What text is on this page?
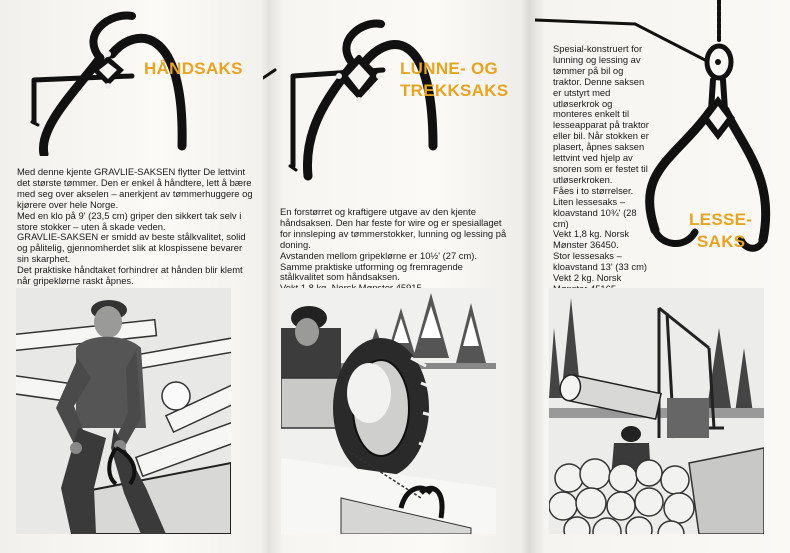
HÅNDSAKS

Med denne kjente GRAVLIE-SAKSEN flytter De lettvint det største tømmer. Den er enkel å håndtere, lett å bære med seg over akselen – anerkjent av tømmerhuggere og kjørere over hele Norge.

Med en klo på 9' (23,5 cm) griper den sikkert tak selv i store stokker – uten å skade veden.

GRAVLIE-SAKSEN er smidd av beste stålkvalitet, solid og pålitelig, gjennomherdet slik at klospissene bevarer sin skarphet.

Det praktiske håndtaket forhindrer at hånden blir klemt når gripeklørne raskt åpnes.

LUNNE- OG
TREKKSAKS

En forstørret og kraftigere utgave av den kjente håndsaksen. Den har feste for wire og er spesiallaget for innsleping av tømmerstokker, lunning og lessing på doning.

Avstanden mellom gripeklørne er 10½' (27 cm).

Samme praktiske utforming og fremragende stålkvalitet som håndsaksen.

LESSE-
SAKS

Spesial-konstruert for lunning og lessing av tømmer på bil og traktor. Denne saksen er utstyrt med utløserkrok og monteres enkelt til lesseapparat på traktor eller bil. Når stokken er plasert, åpnes saksen lettvint ved hjelp av snoren som er festet til utløserkroken.

Fåes i to størrelser.

Liten lessesaks – kloavstand 10¾' (28 cm)

Vekt 1,8 kg. Norsk Mønster 36450.

Stor lessesaks – kloavstand 13' (33 cm)

Vekt 2 kg. Norsk
